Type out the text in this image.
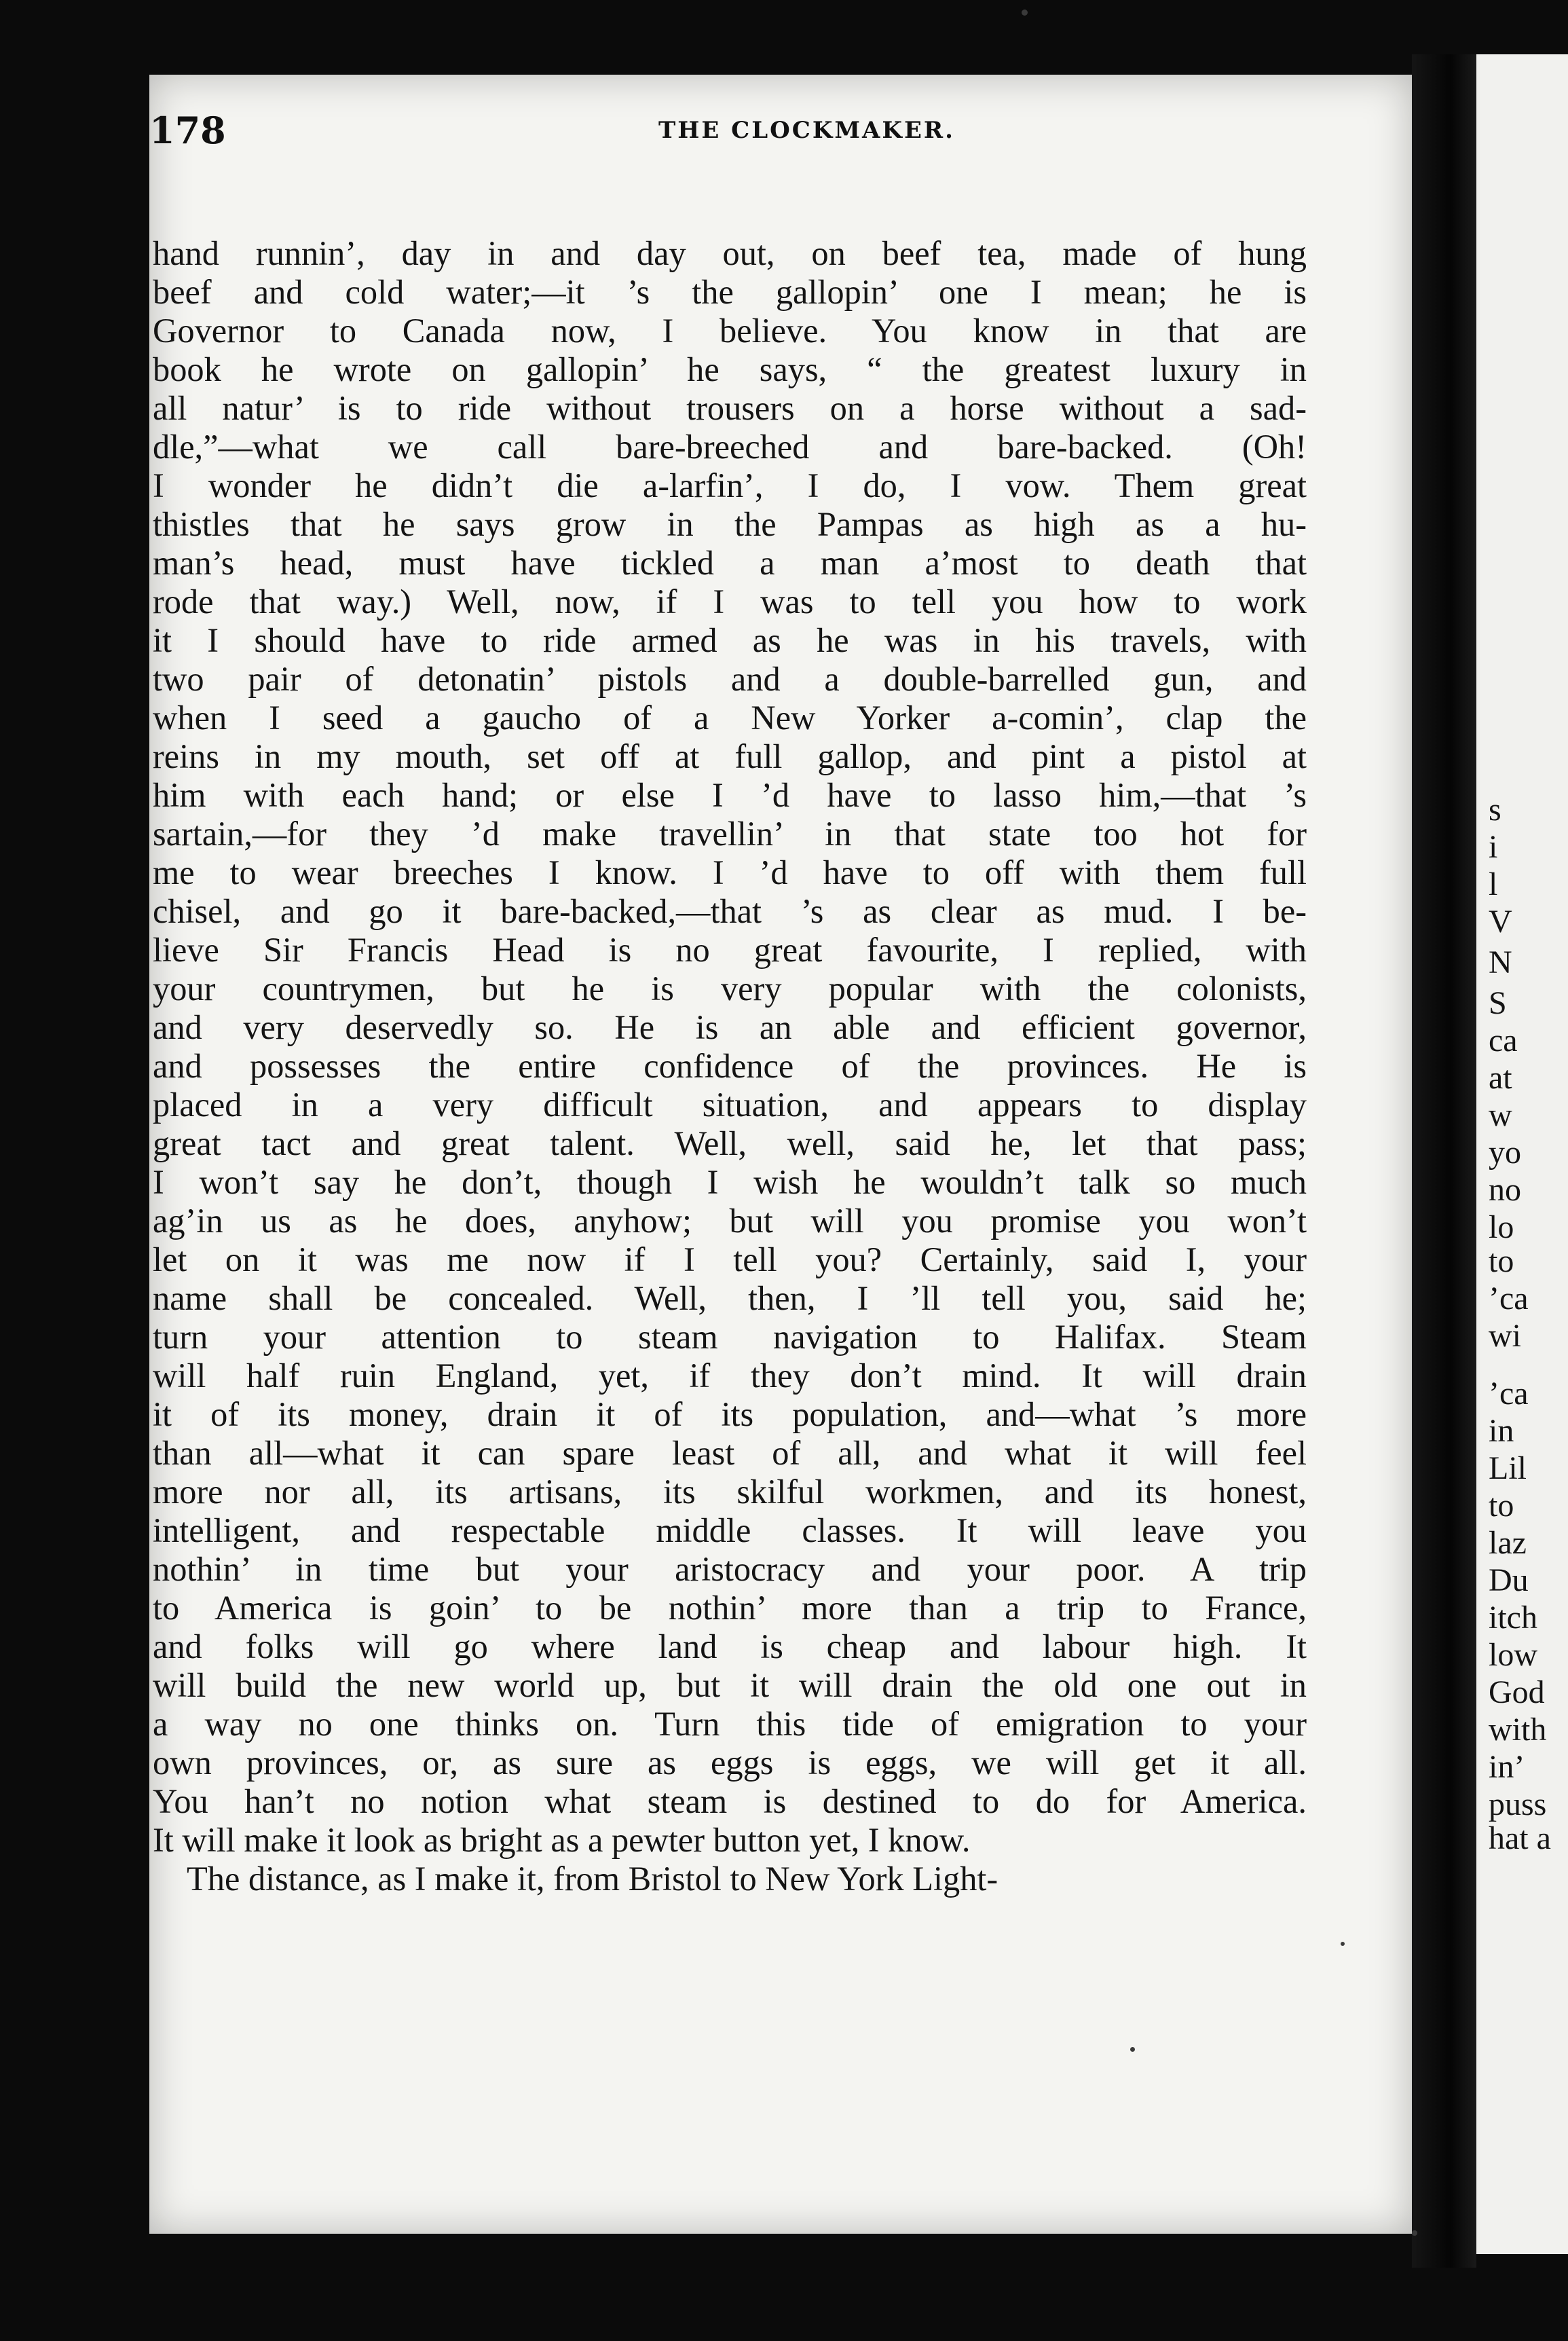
s
i
l
V
N
S
ca
at
w
yo
no
lo
to
’ca
wi
’ca
in
Lil
to
laz
Du
itch
low
God
with
in’
puss
hat a
178	THE CLOCKMAKER.
hand runnin’, day in and day out, on beef tea, made of hung
beef and cold water;—it ’s the gallopin’ one I mean; he is
Governor to Canada now, I believe. You know in that are
book he wrote on gallopin’ he says, “ the greatest luxury in
all natur’ is to ride without trousers on a horse without a sad-
dle,”—what we call bare-breeched and bare-backed. (Oh!
I wonder he didn’t die a-larfin’, I do, I vow. Them great
thistles that he says grow in the Pampas as high as a hu-
man’s head, must have tickled a man a’most to death that
rode that way.) Well, now, if I was to tell you how to work
it I should have to ride armed as he was in his travels, with
two pair of detonatin’ pistols and a double-barrelled gun, and
when I seed a gaucho of a New Yorker a-comin’, clap the
reins in my mouth, set off at full gallop, and pint a pistol at
him with each hand; or else I ’d have to lasso him,—that ’s
sartain,—for they ’d make travellin’ in that state too hot for
me to wear breeches I know. I ’d have to off with them full
chisel, and go it bare-backed,—that ’s as clear as mud. I be-
lieve Sir Francis Head is no great favourite, I replied, with
your countrymen, but he is very popular with the colonists,
and very deservedly so. He is an able and efficient governor,
and possesses the entire confidence of the provinces. He is
placed in a very difficult situation, and appears to display
great tact and great talent. Well, well, said he, let that pass;
I won’t say he don’t, though I wish he wouldn’t talk so much
ag’in us as he does, anyhow; but will you promise you won’t
let on it was me now if I tell you? Certainly, said I, your
name shall be concealed. Well, then, I ’ll tell you, said he;
turn your attention to steam navigation to Halifax. Steam
will half ruin England, yet, if they don’t mind. It will drain
it of its money, drain it of its population, and—what ’s more
than all—what it can spare least of all, and what it will feel
more nor all, its artisans, its skilful workmen, and its honest,
intelligent, and respectable middle classes. It will leave you
nothin’ in time but your aristocracy and your poor. A trip
to America is goin’ to be nothin’ more than a trip to France,
and folks will go where land is cheap and labour high. It
will build the new world up, but it will drain the old one out in
a way no one thinks on. Turn this tide of emigration to your
own provinces, or, as sure as eggs is eggs, we will get it all.
You han’t no notion what steam is destined to do for America.
It will make it look as bright as a pewter button yet, I know.
The distance, as I make it, from Bristol to New York Light-
